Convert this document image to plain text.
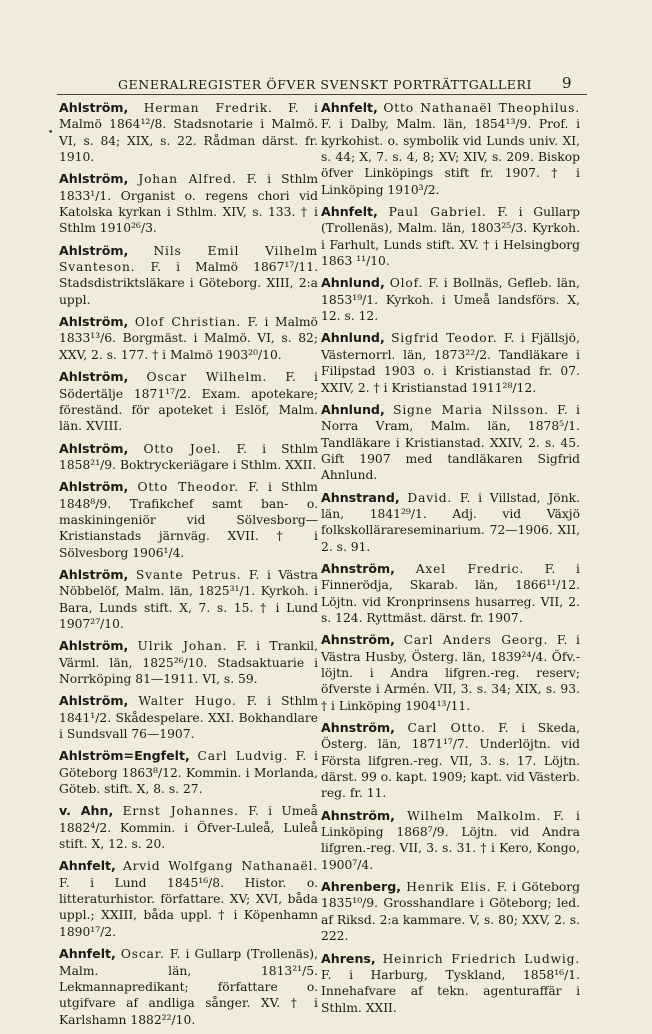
•
GENERALREGISTER ÖFVER SVENSKT PORTRÄTTGALLERI	9

Ahlström, Herman Fredrik. F. i Malmö 1864¹²/8. Stadsnotarie i Malmö. VI, s. 84; XIX, s. 22. Rådman därst. fr. 1910.

Ahlström, Johan Alfred. F. i Sthlm 1833¹/1. Organist o. regens chori vid Katolska kyrkan i Sthlm. XIV, s. 133. † i Sthlm 1910²⁶/3.

Ahlström, Nils Emil Vilhelm Svanteson. F. i Malmö 1867¹⁷/11. Stadsdistriktsläkare i Göteborg. XIII, 2:a uppl.

Ahlström, Olof Christian. F. i Malmö 1833¹³/6. Borgmäst. i Malmö. VI, s. 82; XXV, 2. s. 177. † i Malmö 1903²⁰/10.

Ahlström, Oscar Wilhelm. F. i Södertälje 1871¹⁷/2. Exam. apotekare; föreständ. för apoteket i Eslöf, Malm. län. XVIII.

Ahlström, Otto Joel. F. i Sthlm 1858²¹/9. Boktryckeriägare i Sthlm. XXII.

Ahlström, Otto Theodor. F. i Sthlm 1848⁸/9. Trafikchef samt ban- o. maskiningeniör vid Sölvesborg—Kristianstads järnväg. XVII. † i Sölvesborg 1906¹/4.

Ahlström, Svante Petrus. F. i Västra Nöbbelöf, Malm. län, 1825³¹/1. Kyrkoh. i Bara, Lunds stift. X, 7. s. 15. † i Lund 1907²⁷/10.

Ahlström, Ulrik Johan. F. i Trankil, Värml. län, 1825²⁶/10. Stadsaktuarie i Norrköping 81—1911. VI, s. 59.

Ahlström, Walter Hugo. F. i Sthlm 1841¹/2. Skådespelare. XXI. Bokhandlare i Sundsvall 76—1907.

Ahlström=Engfelt, Carl Ludvig. F. i Göteborg 1863⁸/12. Kommin. i Morlanda, Göteb. stift. X, 8. s. 27.

v. Ahn, Ernst Johannes. F. i Umeå 1882⁴/2. Kommin. i Öfver-Luleå, Luleå stift. X, 12. s. 20.

Ahnfelt, Arvid Wolfgang Nathanaël. F. i Lund 1845¹⁶/8. Histor. o. litteraturhistor. författare. XV; XVI, båda uppl.; XXIII, båda uppl. † i Köpenhamn 1890¹⁷/2.

Ahnfelt, Oscar. F. i Gullarp (Trollenäs), Malm. län, 1813²¹/5. Lekmannapredikant; författare o. utgifvare af andliga sånger. XV. † i Karlshamn 1882²²/10.

Ahnfelt, Otto Nathanaël Theophilus. F. i Dalby, Malm. län, 1854¹³/9. Prof. i kyrkohist. o. symbolik vid Lunds univ. XI, s. 44; X, 7. s. 4, 8; XV; XIV, s. 209. Biskop öfver Linköpings stift fr. 1907. † i Linköping 1910³/2.

Ahnfelt, Paul Gabriel. F. i Gullarp (Trollenäs), Malm. län, 1803²⁵/3. Kyrkoh. i Farhult, Lunds stift. XV. † i Helsingborg 1863 ¹¹/10.

Ahnlund, Olof. F. i Bollnäs, Gefleb. län, 1853¹⁹/1. Kyrkoh. i Umeå landsförs. X, 12. s. 12.

Ahnlund, Sigfrid Teodor. F. i Fjällsjö, Västernorrl. län, 1873²²/2. Tandläkare i Filipstad 1903 o. i Kristianstad fr. 07. XXIV, 2. † i Kristianstad 1911²⁸/12.

Ahnlund, Signe Maria Nilsson. F. i Norra Vram, Malm. län, 1878⁵/1. Tandläkare i Kristianstad. XXIV, 2. s. 45. Gift 1907 med tandläkaren Sigfrid Ahnlund.

Ahnstrand, David. F. i Villstad, Jönk. län, 1841²⁹/1. Adj. vid Växjö folkskollärareseminarium. 72—1906. XII, 2. s. 91.

Ahnström, Axel Fredric. F. i Finnerödja, Skarab. län, 1866¹¹/12. Löjtn. vid Kronprinsens husarreg. VII, 2. s. 124. Ryttmäst. därst. fr. 1907.

Ahnström, Carl Anders Georg. F. i Västra Husby, Österg. län, 1839²⁴/4. Öfv.-löjtn. i Andra lifgren.-reg. reserv; öfverste i Armén. VII, 3. s. 34; XIX, s. 93. † i Linköping 1904¹³/11.

Ahnström, Carl Otto. F. i Skeda, Österg. län, 1871¹⁷/7. Underlöjtn. vid Första lifgren.-reg. VII, 3. s. 17. Löjtn. därst. 99 o. kapt. 1909; kapt. vid Västerb. reg. fr. 11.

Ahnström, Wilhelm Malkolm. F. i Linköping 1868⁷/9. Löjtn. vid Andra lifgren.-reg. VII, 3. s. 31. † i Kero, Kongo, 1900⁷/4.

Ahrenberg, Henrik Elis. F. i Göteborg 1835¹⁰/9. Grosshandlare i Göteborg; led. af Riksd. 2:a kammare. V, s. 80; XXV, 2. s. 222.

Ahrens, Heinrich Friedrich Ludwig. F. i Harburg, Tyskland, 1858¹⁶/1. Innehafvare af tekn. agenturaffär i Sthlm. XXII.
